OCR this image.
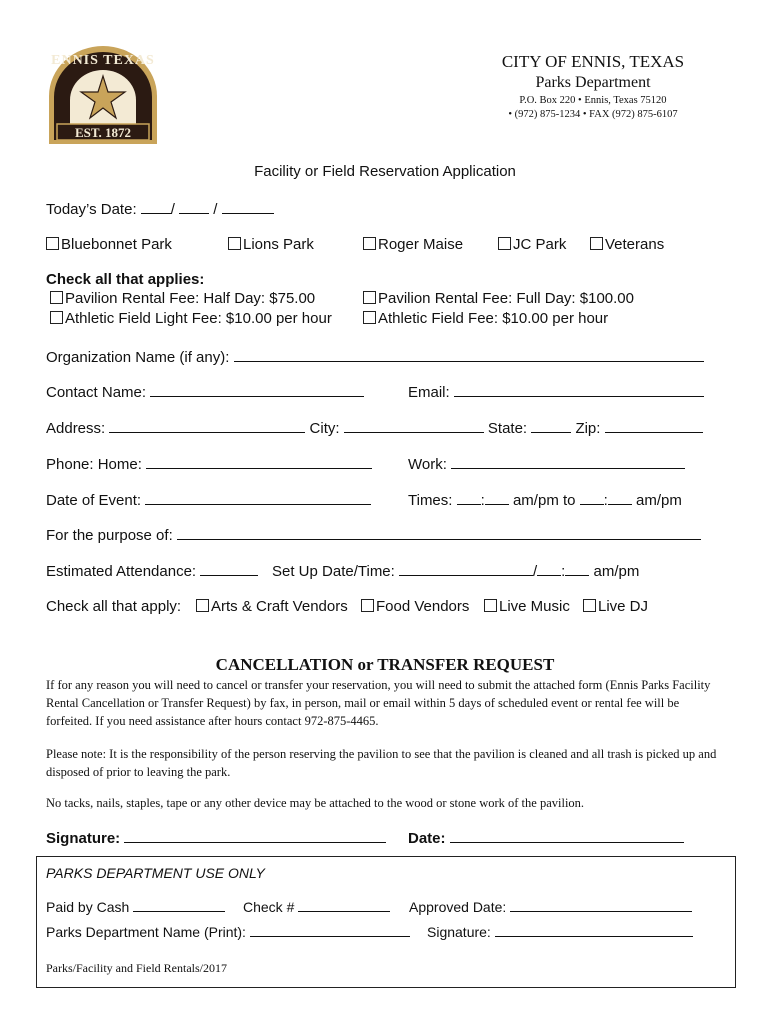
ENNIS TEXAS
EST. 1872
CITY OF ENNIS, TEXAS
Parks Department
P.O. Box 220 • Ennis, Texas 75120
• (972) 875-1234 • FAX (972) 875-6107
Facility or Field Reservation Application
Today’s Date: /	/
Bluebonnet Park	Lions Park	Roger Maise	JC Park	Veterans
Check all that applies:
Pavilion Rental Fee: Half Day: $75.00	Pavilion Rental Fee: Full Day: $100.00
Athletic Field Light Fee: $10.00 per hour	Athletic Field Fee: $10.00 per hour
Organization Name (if any):
Contact Name:	Email:
Address:	City:	State:	Zip:
Phone: Home:	Work:
Date of Event:	Times: : am/pm to : am/pm
For the purpose of:
Estimated Attendance:	Set Up Date/Time:	/ : am/pm
Check all that apply:	Arts & Craft Vendors	Food Vendors	Live Music	Live DJ
CANCELLATION or TRANSFER REQUEST
If for any reason you will need to cancel or transfer your reservation, you will need to submit the attached form (Ennis Parks Facility Rental Cancellation or Transfer Request) by fax, in person, mail or email within 5 days of scheduled event or rental fee will be forfeited. If you need assistance after hours contact 972-875-4465.
Please note: It is the responsibility of the person reserving the pavilion to see that the pavilion is cleaned and all trash is picked up and disposed of prior to leaving the park.
No tacks, nails, staples, tape or any other device may be attached to the wood or stone work of the pavilion.
Signature:	Date:
PARKS DEPARTMENT USE ONLY
Paid by Cash	Check #	Approved Date:
Parks Department Name (Print):	Signature:
Parks/Facility and Field Rentals/2017
